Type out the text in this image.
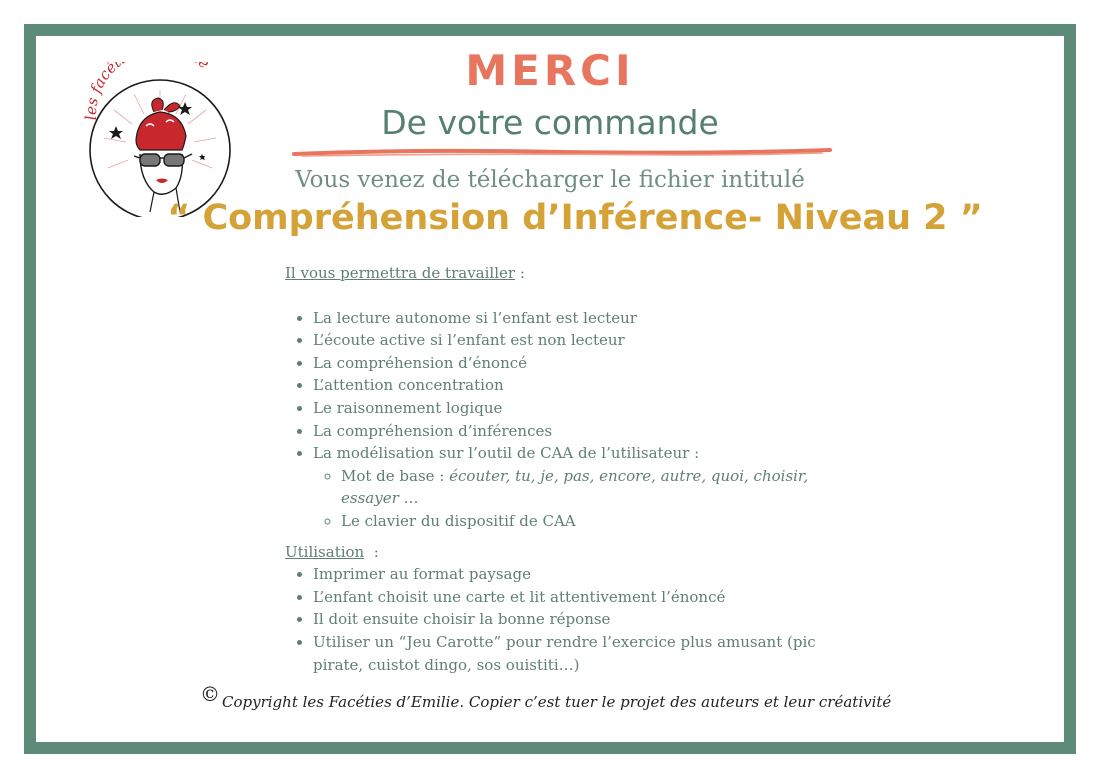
s facét e	MERCI
De votre commande
Vous venez de télécharger le fichier intitulé
“ Compréhension d’Inférence- Niveau 2 ”

Il vous permettra de travailler :

• La lecture autonome si l’enfant est lecteur
• L’écoute active si l’enfant est non lecteur
• La compréhension d’énoncé
• L’attention concentration
• Le raisonnement logique
• La compréhension d’inférences
• La modélisation sur l’outil de CAA de l’utilisateur :
◦ Mot de base : écouter, tu, je, pas, encore, autre, quoi, choisir, essayer …
◦ Le clavier du dispositif de CAA

Utilisation  :

• Imprimer au format paysage
• L’enfant choisit une carte et lit attentivement l’énoncé
• Il doit ensuite choisir la bonne réponse
• Utiliser un “Jeu Carotte” pour rendre l’exercice plus amusant (pic pirate, cuistot dingo, sos ouistiti…)
© Copyright les Facéties d’Emilie. Copier c’est tuer le projet des auteurs et leur créativité
